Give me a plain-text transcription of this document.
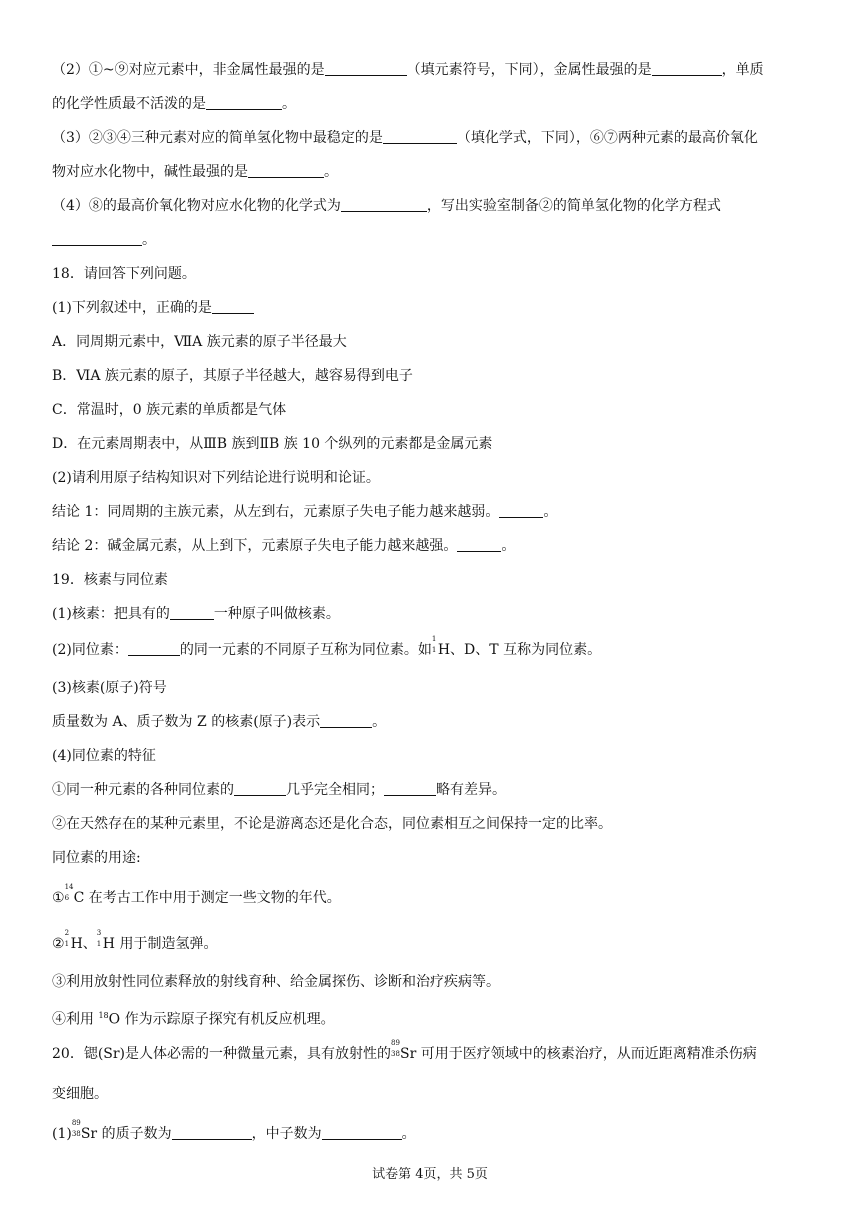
（2）①~⑨对应元素中，非金属性最强的是	（填元素符号，下同），金属性最强的是	，单质
的化学性质最不活泼的是	。
（3）②③④三种元素对应的简单氢化物中最稳定的是	（填化学式，下同），⑥⑦两种元素的最高价氧化
物对应水化物中，碱性最强的是	。
（4）⑧的最高价氧化物对应水化物的化学式为	，写出实验室制备②的简单氢化物的化学方程式
。
18．请回答下列问题。
(1)下列叙述中，正确的是
A．同周期元素中，ⅦA 族元素的原子半径最大
B．ⅥA 族元素的原子，其原子半径越大，越容易得到电子
C．常温时，0 族元素的单质都是气体
D．在元素周期表中，从ⅢB 族到ⅡB 族 10 个纵列的元素都是金属元素
(2)请利用原子结构知识对下列结论进行说明和论证。
结论 1：同周期的主族元素，从左到右，元素原子失电子能力越来越弱。	。
结论 2：碱金属元素，从上到下，元素原子失电子能力越来越强。	。
19．核素与同位素
(1)核素：把具有的	一种原子叫做核素。
(2)同位素：	的同一元素的不同原子互称为同位素。如
1
1 H、D、T 互称为同位素。
(3)核素(原子)符号
质量数为 A、质子数为 Z 的核素(原子)表示	。
(4)同位素的特征
①同一种元素的各种同位素的	几乎完全相同；	略有差异。
②在天然存在的某种元素里，不论是游离态还是化合态，同位素相互之间保持一定的比率。
同位素的用途:
①
14
6 C 在考古工作中用于测定一些文物的年代。
②
2
1 H、
3
1 H 用于制造氢弹。
③利用放射性同位素释放的射线育种、给金属探伤、诊断和治疗疾病等。
④利用 $^{18}$O 作为示踪原子探究有机反应机理。
20．锶(Sr)是人体必需的一种微量元素，具有放射性的
89
38 Sr 可用于医疗领域中的核素治疗，从而近距离精准杀伤病
变细胞。
(1)
89
38 Sr 的质子数为	，中子数为	。
试卷第 4页，共 5页
